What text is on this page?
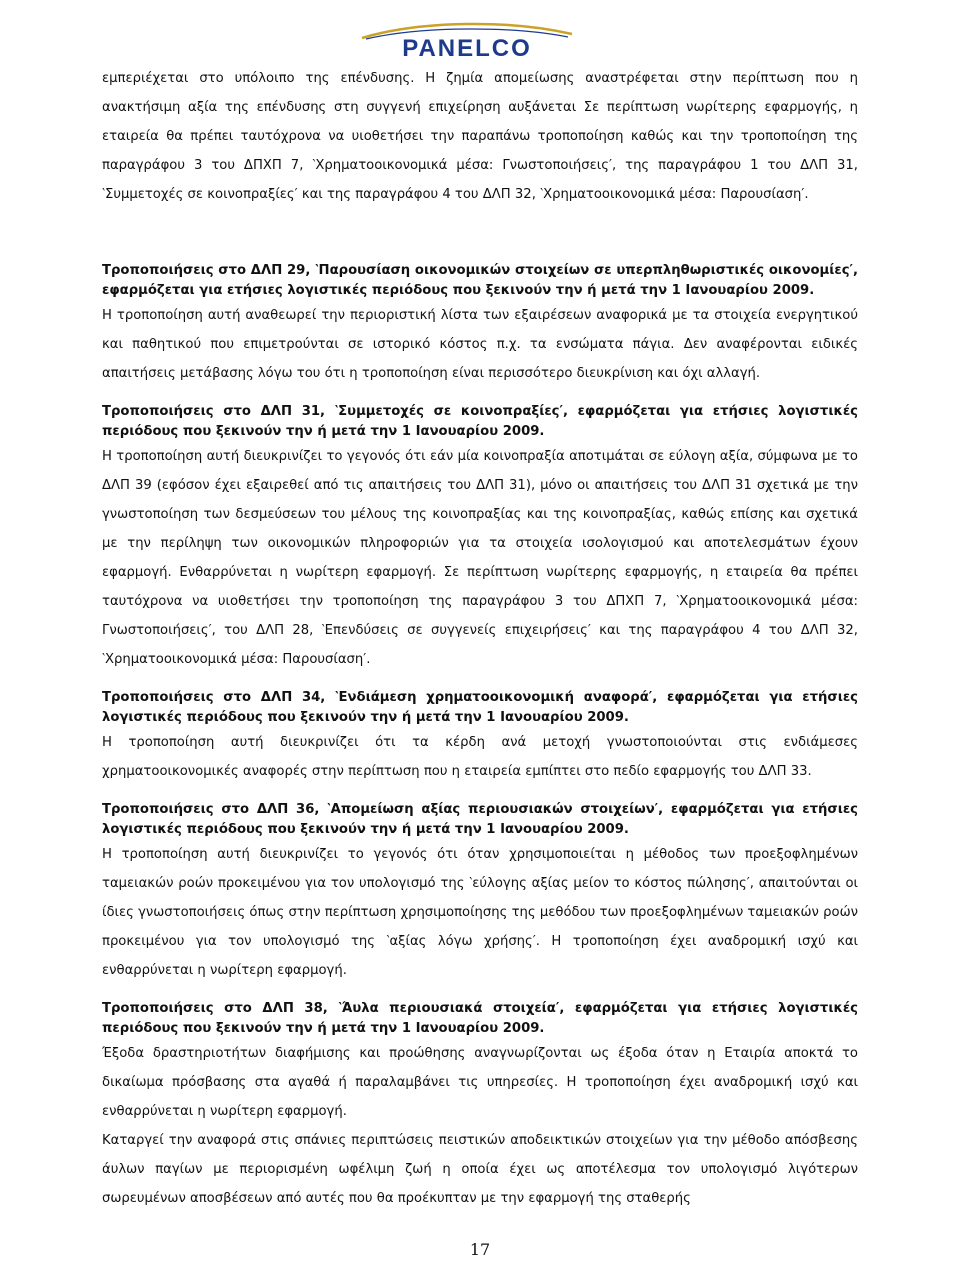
PANELCO

εμπεριέχεται στο υπόλοιπο της επένδυσης. Η ζημία απομείωσης αναστρέφεται στην περίπτωση που η ανακτήσιμη αξία της επένδυσης στη συγγενή επιχείρηση αυξάνεται Σε περίπτωση νωρίτερης εφαρμογής, η εταιρεία θα πρέπει ταυτόχρονα να υιοθετήσει την παραπάνω τροποποίηση καθώς και την τροποποίηση της παραγράφου 3 του ΔΠΧΠ 7, ‵Χρηματοοικονομικά μέσα: Γνωστοποιήσεις′, της παραγράφου 1 του ΔΛΠ 31, ‵Συμμετοχές σε κοινοπραξίες′ και της παραγράφου 4 του ΔΛΠ 32, ‵Χρηματοοικονομικά μέσα: Παρουσίαση′.

Τροποποιήσεις στο ΔΛΠ 29, ‵Παρουσίαση οικονομικών στοιχείων σε υπερπληθωριστικές οικονομίες′, εφαρμόζεται για ετήσιες λογιστικές περιόδους που ξεκινούν την ή μετά την 1 Ιανουαρίου 2009.

Η τροποποίηση αυτή αναθεωρεί την περιοριστική λίστα των εξαιρέσεων αναφορικά με τα στοιχεία ενεργητικού και παθητικού που επιμετρούνται σε ιστορικό κόστος π.χ. τα ενσώματα πάγια. Δεν αναφέρονται ειδικές απαιτήσεις μετάβασης λόγω του ότι η τροποποίηση είναι περισσότερο διευκρίνιση και όχι αλλαγή.

Τροποποιήσεις στο ΔΛΠ 31, ‵Συμμετοχές σε κοινοπραξίες′, εφαρμόζεται για ετήσιες λογιστικές περιόδους που ξεκινούν την ή μετά την 1 Ιανουαρίου 2009.

Η τροποποίηση αυτή διευκρινίζει το γεγονός ότι εάν μία κοινοπραξία αποτιμάται σε εύλογη αξία, σύμφωνα με το ΔΛΠ 39 (εφόσον έχει εξαιρεθεί από τις απαιτήσεις του ΔΛΠ 31), μόνο οι απαιτήσεις του ΔΛΠ 31 σχετικά με την γνωστοποίηση των δεσμεύσεων του μέλους της κοινοπραξίας και της κοινοπραξίας, καθώς επίσης και σχετικά με την περίληψη των οικονομικών πληροφοριών για τα στοιχεία ισολογισμού και αποτελεσμάτων έχουν εφαρμογή. Ενθαρρύνεται η νωρίτερη εφαρμογή. Σε περίπτωση νωρίτερης εφαρμογής, η εταιρεία θα πρέπει ταυτόχρονα να υιοθετήσει την τροποποίηση της παραγράφου 3 του ΔΠΧΠ 7, ‵Χρηματοοικονομικά μέσα: Γνωστοποιήσεις′, του ΔΛΠ 28, ‵Επενδύσεις σε συγγενείς επιχειρήσεις′ και της παραγράφου 4 του ΔΛΠ 32, ‵Χρηματοοικονομικά μέσα: Παρουσίαση′.

Τροποποιήσεις στο ΔΛΠ 34, ‵Ενδιάμεση χρηματοοικονομική αναφορά′, εφαρμόζεται για ετήσιες λογιστικές περιόδους που ξεκινούν την ή μετά την 1 Ιανουαρίου 2009.

Η τροποποίηση αυτή διευκρινίζει ότι τα κέρδη ανά μετοχή γνωστοποιούνται στις ενδιάμεσες χρηματοοικονομικές αναφορές στην περίπτωση που η εταιρεία εμπίπτει στο πεδίο εφαρμογής του ΔΛΠ 33.

Τροποποιήσεις στο ΔΛΠ 36, ‵Απομείωση αξίας περιουσιακών στοιχείων′, εφαρμόζεται για ετήσιες λογιστικές περιόδους που ξεκινούν την ή μετά την 1 Ιανουαρίου 2009.

Η τροποποίηση αυτή διευκρινίζει το γεγονός ότι όταν χρησιμοποιείται η μέθοδος των προεξοφλημένων ταμειακών ροών προκειμένου για τον υπολογισμό της ‵εύλογης αξίας μείον το κόστος πώλησης′, απαιτούνται οι ίδιες γνωστοποιήσεις όπως στην περίπτωση χρησιμοποίησης της μεθόδου των προεξοφλημένων ταμειακών ροών προκειμένου για τον υπολογισμό της ‵αξίας λόγω χρήσης′. Η τροποποίηση έχει αναδρομική ισχύ και ενθαρρύνεται η νωρίτερη εφαρμογή.

Τροποποιήσεις στο ΔΛΠ 38, ‵Άυλα περιουσιακά στοιχεία′, εφαρμόζεται για ετήσιες λογιστικές περιόδους που ξεκινούν την ή μετά την 1 Ιανουαρίου 2009.

Έξοδα δραστηριοτήτων διαφήμισης και προώθησης αναγνωρίζονται ως έξοδα όταν η Εταιρία αποκτά το δικαίωμα πρόσβασης στα αγαθά ή παραλαμβάνει τις υπηρεσίες. Η τροποποίηση έχει αναδρομική ισχύ και ενθαρρύνεται η νωρίτερη εφαρμογή.

Καταργεί την αναφορά στις σπάνιες περιπτώσεις πειστικών αποδεικτικών στοιχείων για την μέθοδο απόσβεσης άυλων παγίων με περιορισμένη ωφέλιμη ζωή η οποία έχει ως αποτέλεσμα τον υπολογισμό λιγότερων σωρευμένων αποσβέσεων από αυτές που θα προέκυπταν με την εφαρμογή της σταθερής

17
